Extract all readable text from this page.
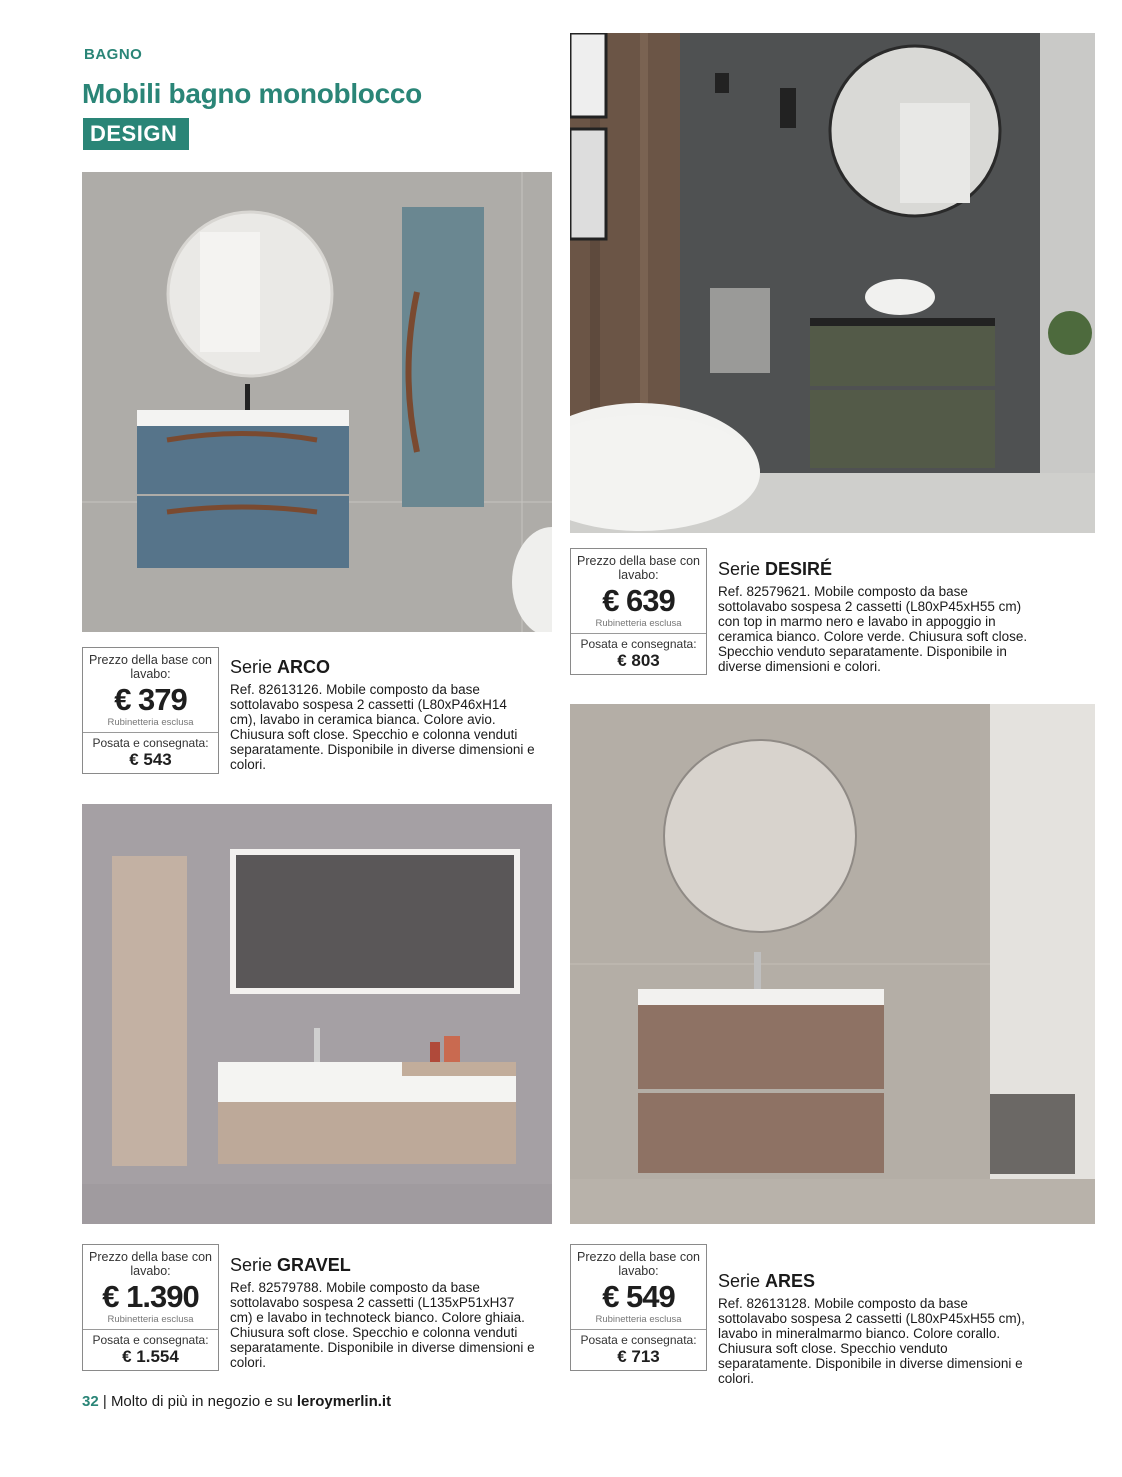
BAGNO
Mobili bagno monoblocco
DESIGN
Prezzo della base con lavabo:
€ 379
Rubinetteria esclusa
Posata e consegnata:
€ 543
Serie ARCO
Ref. 82613126. Mobile composto da base sottolavabo sospesa 2 cassetti (L80xP46xH14 cm), lavabo in ceramica bianca. Colore avio. Chiusura soft close. Specchio e colonna venduti separatamente. Disponibile in diverse dimensioni e colori.
Prezzo della base con lavabo:
€ 639
Rubinetteria esclusa
Posata e consegnata:
€ 803
Serie DESIRÉ
Ref. 82579621. Mobile composto da base sottolavabo sospesa 2 cassetti (L80xP45xH55 cm) con top in marmo nero e lavabo in appoggio in ceramica bianco. Colore verde. Chiusura soft close. Specchio venduto separatamente. Disponibile in diverse dimensioni e colori.
Prezzo della base con lavabo:
€ 1.390
Rubinetteria esclusa
Posata e consegnata:
€ 1.554
Serie GRAVEL
Ref. 82579788. Mobile composto da base sottolavabo sospesa 2 cassetti (L135xP51xH37 cm) e lavabo in technoteck bianco. Colore ghiaia. Chiusura soft close. Specchio e colonna venduti separatamente. Disponibile in diverse dimensioni e colori.
Prezzo della base con lavabo:
€ 549
Rubinetteria esclusa
Posata e consegnata:
€ 713
Serie ARES
Ref. 82613128. Mobile composto da base sottolavabo sospesa 2 cassetti (L80xP45xH55 cm), lavabo in mineralmarmo bianco. Colore corallo. Chiusura soft close. Specchio venduto separatamente. Disponibile in diverse dimensioni e colori.
32 | Molto di più in negozio e su leroymerlin.it
